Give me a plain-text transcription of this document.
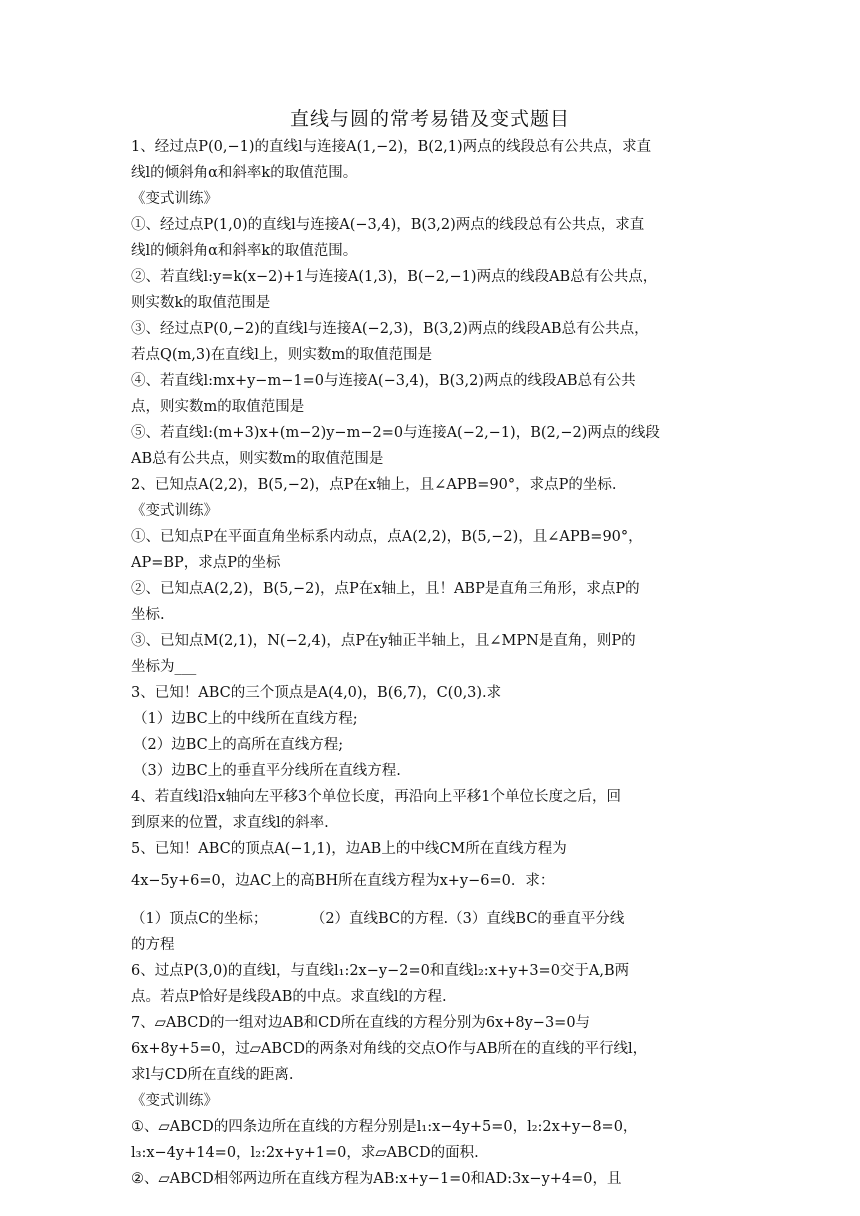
直线与圆的常考易错及变式题目
1、经过点P(0,−1)的直线l与连接A(1,−2)，B(2,1)两点的线段总有公共点，求直
线l的倾斜角α和斜率k的取值范围。
《变式训练》
①、经过点P(1,0)的直线l与连接A(−3,4)，B(3,2)两点的线段总有公共点，求直
线l的倾斜角α和斜率k的取值范围。
②、若直线l:y=k(x−2)+1与连接A(1,3)，B(−2,−1)两点的线段AB总有公共点，
则实数k的取值范围是
③、经过点P(0,−2)的直线l与连接A(−2,3)，B(3,2)两点的线段AB总有公共点，
若点Q(m,3)在直线l上，则实数m的取值范围是
④、若直线l:mx+y−m−1=0与连接A(−3,4)，B(3,2)两点的线段AB总有公共
点，则实数m的取值范围是
⑤、若直线l:(m+3)x+(m−2)y−m−2=0与连接A(−2,−1)，B(2,−2)两点的线段
AB总有公共点，则实数m的取值范围是
2、已知点A(2,2)，B(5,−2)，点P在x轴上，且∠APB=90°，求点P的坐标.
《变式训练》
①、已知点P在平面直角坐标系内动点，点A(2,2)，B(5,−2)，且∠APB=90°，
AP=BP，求点P的坐标
②、已知点A(2,2)，B(5,−2)，点P在x轴上，且！ABP是直角三角形，求点P的
坐标.
③、已知点M(2,1)，N(−2,4)，点P在y轴正半轴上，且∠MPN是直角，则P的
坐标为___
3、已知！ABC的三个顶点是A(4,0)，B(6,7)，C(0,3).求
（1）边BC上的中线所在直线方程;
（2）边BC上的高所在直线方程;
（3）边BC上的垂直平分线所在直线方程.
4、若直线l沿x轴向左平移3个单位长度，再沿向上平移1个单位长度之后，回
到原来的位置，求直线l的斜率.
5、已知！ABC的顶点A(−1,1)，边AB上的中线CM所在直线方程为
4x−5y+6=0，边AC上的高BH所在直线方程为x+y−6=0．求：
（1）顶点C的坐标；　　　　（2）直线BC的方程.（3）直线BC的垂直平分线
的方程
6、过点P(3,0)的直线l，与直线l₁:2x−y−2=0和直线l₂:x+y+3=0交于A,B两
点。若点P恰好是线段AB的中点。求直线l的方程.
7、▱ABCD的一组对边AB和CD所在直线的方程分别为6x+8y−3=0与
6x+8y+5=0，过▱ABCD的两条对角线的交点O作与AB所在的直线的平行线l，
求l与CD所在直线的距离.
《变式训练》
①、▱ABCD的四条边所在直线的方程分别是l₁:x−4y+5=0，l₂:2x+y−8=0，
l₃:x−4y+14=0，l₂:2x+y+1=0，求▱ABCD的面积.
②、▱ABCD相邻两边所在直线方程为AB:x+y−1=0和AD:3x−y+4=0，且
